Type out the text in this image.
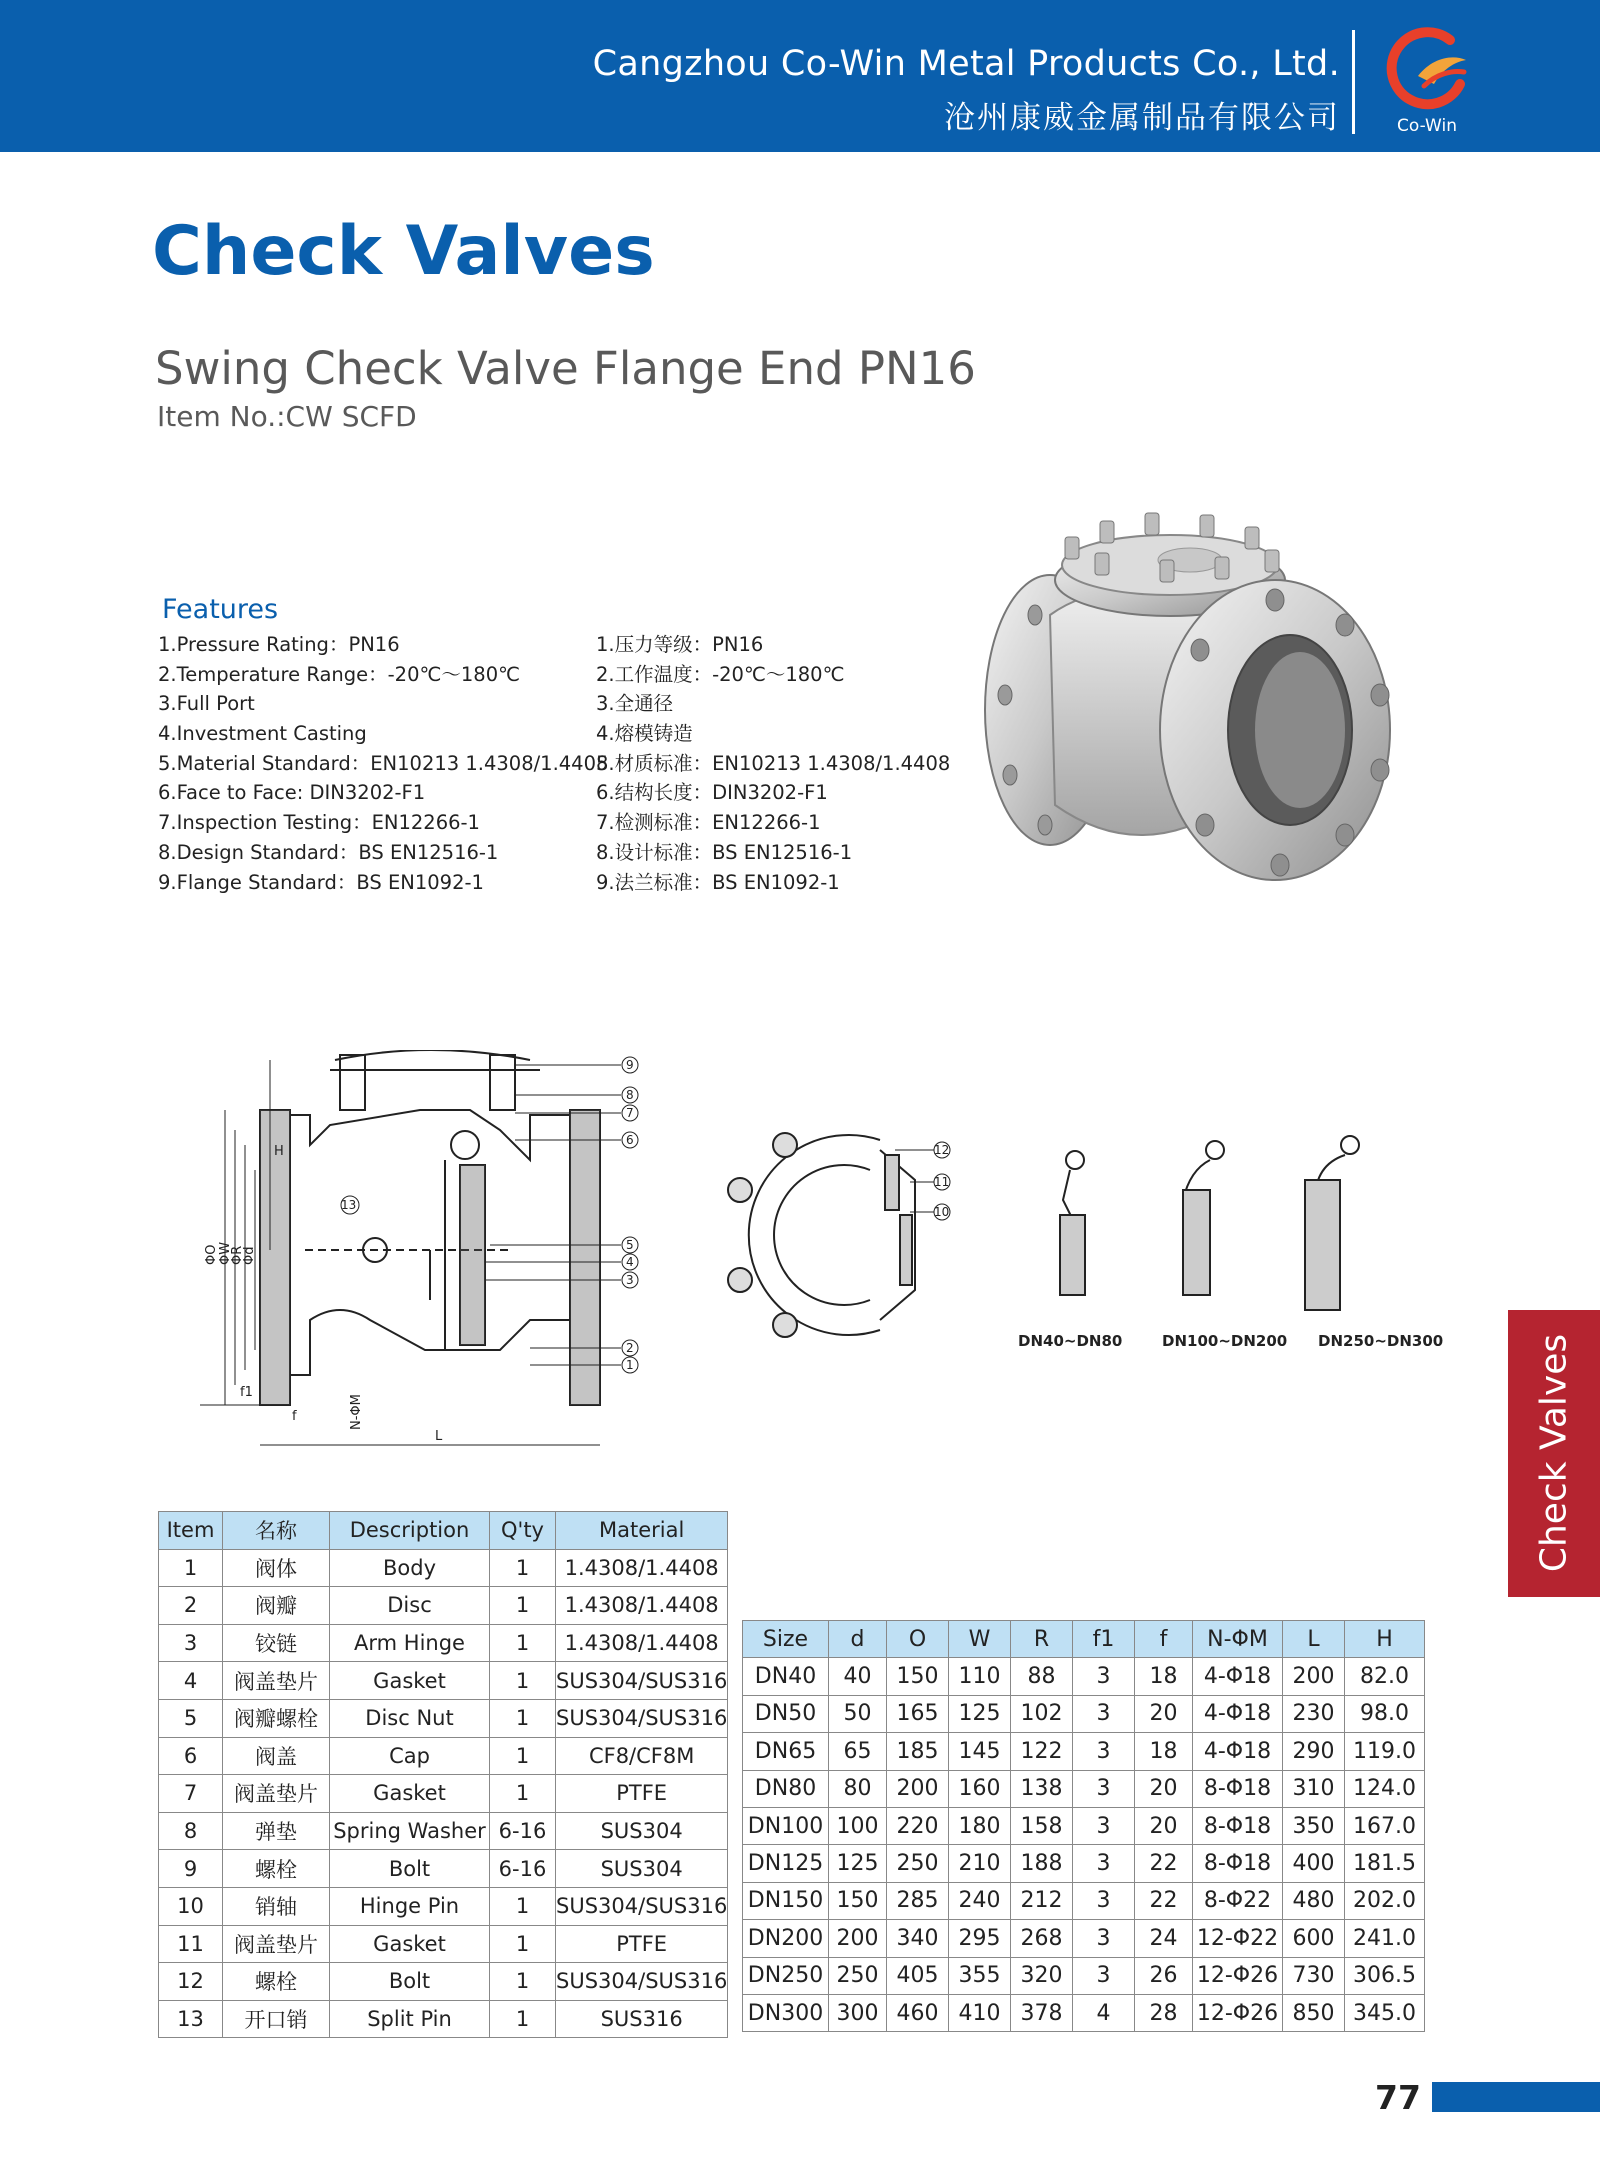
Cangzhou Co-Win Metal Products Co., Ltd.
沧州康威金属制品有限公司	Co-Win
Check Valves
Swing Check Valve Flange End PN16
Item No.:CW SCFD
Features
1.Pressure Rating：PN16
2.Temperature Range：-20℃～180℃
3.Full Port
4.Investment Casting
5.Material Standard：EN10213 1.4308/1.4408
6.Face to Face: DIN3202-F1
7.Inspection Testing：EN12266-1
8.Design Standard：BS EN12516-1
9.Flange Standard：BS EN1092-1
1.压力等级：PN16
2.工作温度：-20℃～180℃
3.全通径
4.熔模铸造
5.材质标准：EN10213 1.4308/1.4408
6.结构长度：DIN3202-F1
7.检测标准：EN12266-1
8.设计标准：BS EN12516-1
9.法兰标准：BS EN1092-1
ΦO ΦW
ΦR
Φd
H
f1
f	N-ΦM
L
1
2
3
4
5
6
7
8
9
13
12
11
10
DN40~DN80	DN100~DN200 DN250~DN300	Check Valves
Item	名称	Description	Q'ty	Material
1	阀体	Body	1	1.4308/1.4408
2	阀瓣	Disc	1	1.4308/1.4408
3	铰链	Arm Hinge	1	1.4308/1.4408
4	阀盖垫片	Gasket	1	SUS304/SUS316
5	阀瓣螺栓	Disc Nut	1	SUS304/SUS316
6	阀盖	Cap	1	CF8/CF8M
7	阀盖垫片	Gasket	1	PTFE
8	弹垫	Spring Washer	6-16	SUS304
9	螺栓	Bolt	6-16	SUS304
10	销轴	Hinge Pin	1	SUS304/SUS316
11	阀盖垫片	Gasket	1	PTFE
12	螺栓	Bolt	1	SUS304/SUS316
13	开口销	Split Pin	1	SUS316
Size	d	O	W	R	f1	f	N-ΦM	L	H
DN40	40	150	110	88	3	18	4-Φ18	200	82.0
DN50	50	165	125	102	3	20	4-Φ18	230	98.0
DN65	65	185	145	122	3	18	4-Φ18	290	119.0
DN80	80	200	160	138	3	20	8-Φ18	310	124.0
DN100	100	220	180	158	3	20	8-Φ18	350	167.0
DN125	125	250	210	188	3	22	8-Φ18	400	181.5
DN150	150	285	240	212	3	22	8-Φ22	480	202.0
DN200	200	340	295	268	3	24	12-Φ22	600	241.0
DN250	250	405	355	320	3	26	12-Φ26	730	306.5
DN300	300	460	410	378	4	28	12-Φ26	850	345.0
77
